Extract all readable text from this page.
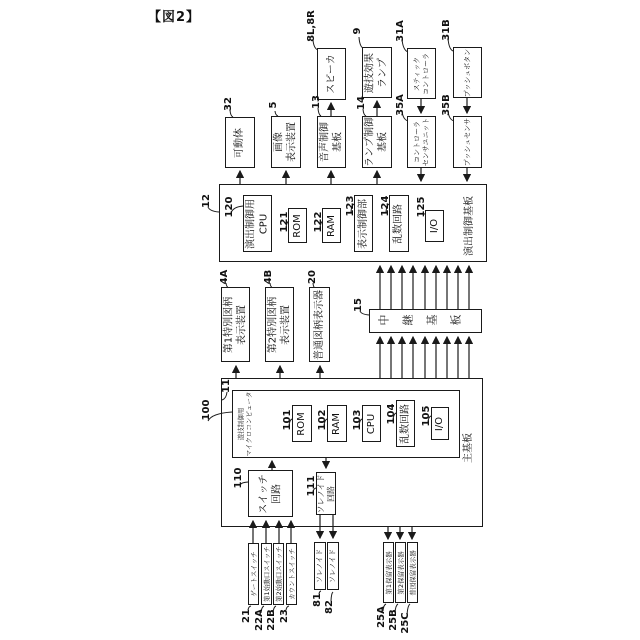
【図2】
演出制御基板
主基板
遊技制御用
マイクロコンピュータ
可動体	画像
表示装置 音声制御
基板 ランプ制御
基板	コントローラ
センサユニット	プッシュセンサ
スピーカ	遊技効果
ランプ	スティック
コントローラ	プッシュボタン
演出制御用
CPU ROM RAM 表示制御部 乱数回路 I/O
第1特別図柄
表示装置 第2特別図柄
表示装置 普通図柄表示器	中継基板
ROM RAM CPU 乱数回路 I/O
スイッチ
回路	ソレノイド
回路
ゲートスイッチ 第1始動口スイッチ 第2始動口スイッチ カウントスイッチ	ソレノイド ソレノイド	第1保留表示器 第2保留表示器 普図保留表示器
32	5	13	14	35A	35B
8L,8R	9	31A	31B
12 120
121 122
123 124	125
4A	4B	20
15
100
11
101 102 103 104 105
110	111
21 22A 22B 23
81
82	25A 25B 25C
